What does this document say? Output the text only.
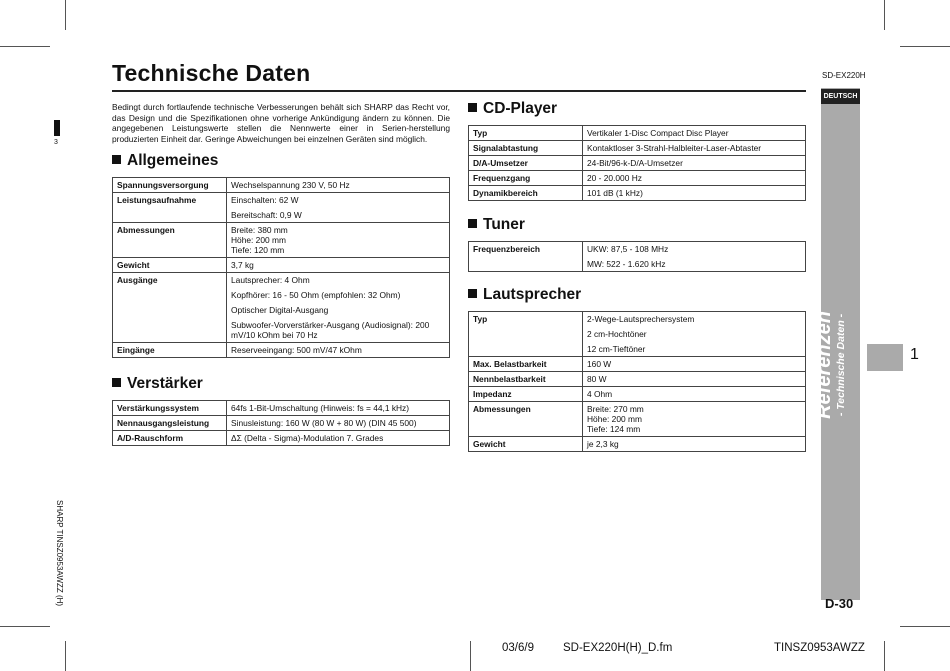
3
SHARP TINSZ0953AWZZ (H)
Technische Daten	SD-EX220H
Bedingt durch fortlaufende technische Verbesserungen behält sich SHARP das Recht vor, das Design und die Spezifikationen ohne vorherige Ankündigung ändern zu können. Die angegebenen Leistungswerte stellen die Nennwerte einer in Serien-herstellung produzierten Einheit dar. Geringe Abweichungen bei einzelnen Geräten sind möglich.
Allgemeines
Spannungsversorgung	Wechselspannung 230 V, 50 Hz

Leistungsaufnahme	Einschalten: 62 W

Bereitschaft: 0,9 W

Abmessungen	Breite: 380 mm
Höhe: 200 mm
Tiefe: 120 mm

Gewicht	3,7 kg

Ausgänge	Lautsprecher: 4 Ohm

Kopfhörer: 16 - 50 Ohm (empfohlen: 32 Ohm)

Optischer Digital-Ausgang

Subwoofer-Vorverstärker-Ausgang (Audiosignal): 200 mV/10 kOhm bei 70 Hz

Eingänge	Reserveeingang: 500 mV/47 kOhm

Verstärker
Verstärkungssystem	64fs 1-Bit-Umschaltung (Hinweis: fs = 44,1 kHz)

Nennausgangsleistung	Sinusleistung: 160 W (80 W + 80 W) (DIN 45 500)

A/D-Rauschform	ΔΣ (Delta - Sigma)-Modulation 7. Grades

CD-Player
Typ	Vertikaler 1-Disc Compact Disc Player

Signalabtastung	Kontaktloser 3-Strahl-Halbleiter-Laser-Abtaster

D/A-Umsetzer	24-Bit/96-k-D/A-Umsetzer

Frequenzgang	20 - 20.000 Hz

Dynamikbereich	101 dB (1 kHz)

Tuner
Frequenzbereich	UKW: 87,5 - 108 MHz

MW: 522 - 1.620 kHz

Lautsprecher
Typ	2-Wege-Lautsprechersystem

2 cm-Hochtöner

12 cm-Tieftöner

Max. Belastbarkeit	160 W

Nennbelastbarkeit	80 W

Impedanz	4 Ohm

Abmessungen	Breite: 270 mm
Höhe: 200 mm
Tiefe: 124 mm

Gewicht	je 2,3 kg

DEUTSCH
Referenzen - Technische Daten -	1
D-30
03/6/9	SD-EX220H(H)_D.fm	TINSZ0953AWZZ
